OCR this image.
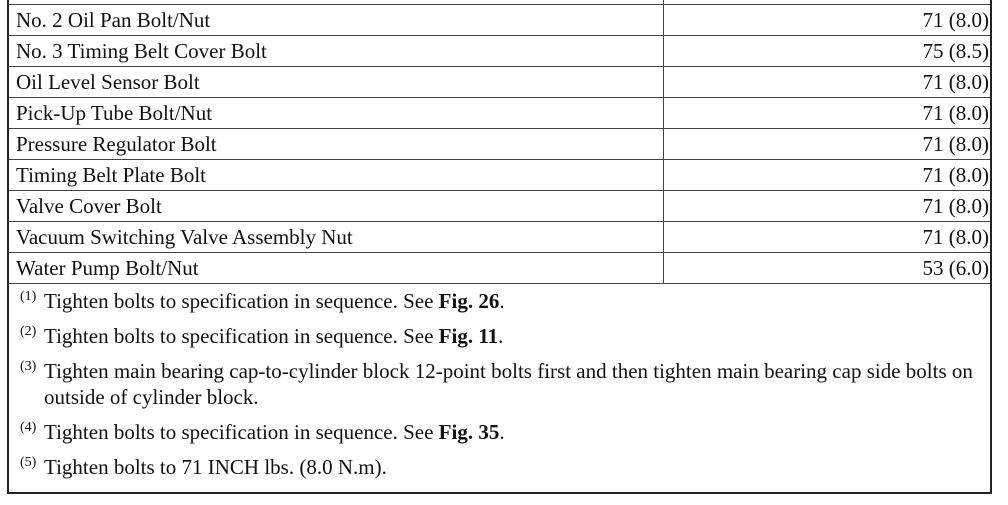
No. 2 Oil Pan Bolt/Nut	71 (8.0)
No. 3 Timing Belt Cover Bolt	75 (8.5)
Oil Level Sensor Bolt	71 (8.0)
Pick-Up Tube Bolt/Nut	71 (8.0)
Pressure Regulator Bolt	71 (8.0)
Timing Belt Plate Bolt	71 (8.0)
Valve Cover Bolt	71 (8.0)
Vacuum Switching Valve Assembly Nut	71 (8.0)
Water Pump Bolt/Nut	53 (6.0)
(1) Tighten bolts to specification in sequence. See Fig. 26.
(2) Tighten bolts to specification in sequence. See Fig. 11.
(3) Tighten main bearing cap-to-cylinder block 12-point bolts first and then tighten main bearing cap side bolts on outside of cylinder block.
(4) Tighten bolts to specification in sequence. See Fig. 35.
(5) Tighten bolts to 71 INCH lbs. (8.0 N.m).
